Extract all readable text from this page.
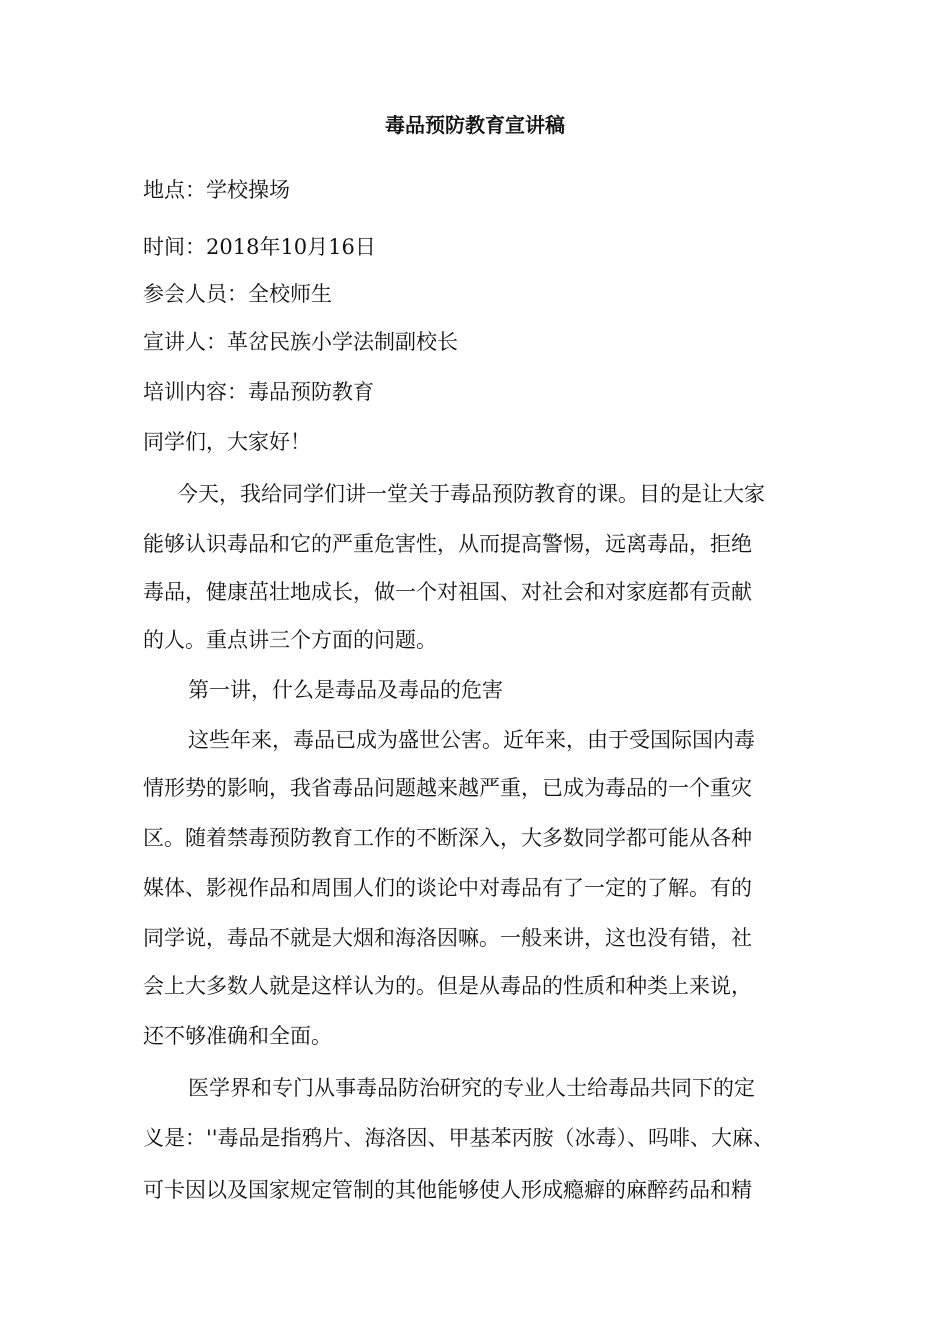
毒品预防教育宣讲稿

地点：学校操场

时间：2018年10月16日

参会人员：全校师生

宣讲人：革岔民族小学法制副校长

培训内容：毒品预防教育

同学们，大家好！

今天，我给同学们讲一堂关于毒品预防教育的课。目的是让大家

能够认识毒品和它的严重危害性，从而提高警惕，远离毒品，拒绝

毒品，健康茁壮地成长，做一个对祖国、对社会和对家庭都有贡献

的人。重点讲三个方面的问题。

第一讲，什么是毒品及毒品的危害

这些年来，毒品已成为盛世公害。近年来，由于受国际国内毒

情形势的影响，我省毒品问题越来越严重，已成为毒品的一个重灾

区。随着禁毒预防教育工作的不断深入，大多数同学都可能从各种

媒体、影视作品和周围人们的谈论中对毒品有了一定的了解。有的

同学说，毒品不就是大烟和海洛因嘛。一般来讲，这也没有错，社

会上大多数人就是这样认为的。但是从毒品的性质和种类上来说，

还不够准确和全面。

医学界和专门从事毒品防治研究的专业人士给毒品共同下的定

义是：''毒品是指鸦片、海洛因、甲基苯丙胺（冰毒）、吗啡、大麻、

可卡因以及国家规定管制的其他能够使人形成瘾癖的麻醉药品和精
